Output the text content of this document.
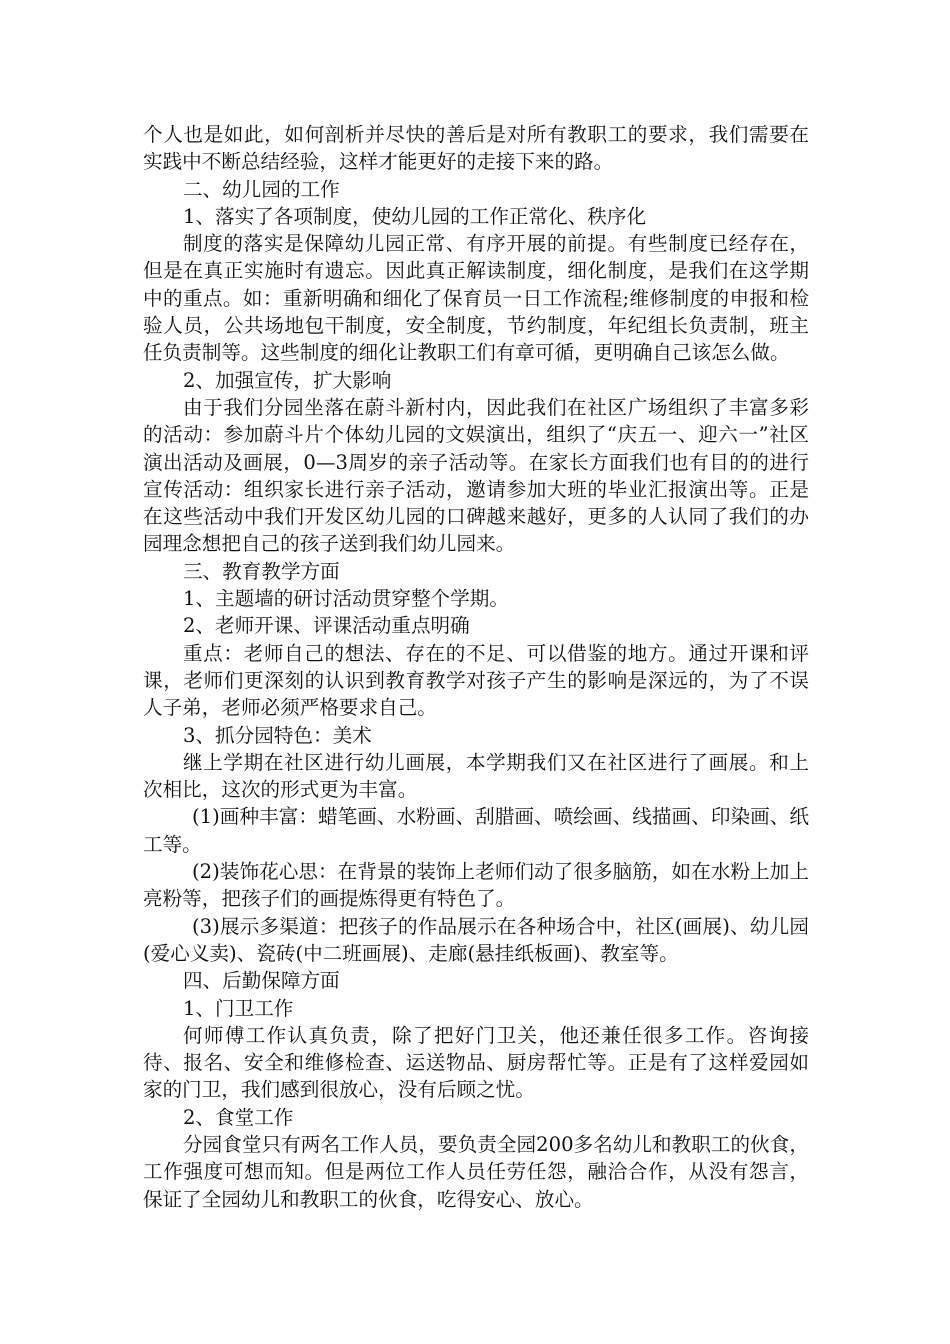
个人也是如此，如何剖析并尽快的善后是对所有教职工的要求，我们需要在实践中不断总结经验，这样才能更好的走接下来的路。

二、幼儿园的工作

1、落实了各项制度，使幼儿园的工作正常化、秩序化

制度的落实是保障幼儿园正常、有序开展的前提。有些制度已经存在，但是在真正实施时有遗忘。因此真正解读制度，细化制度，是我们在这学期中的重点。如：重新明确和细化了保育员一日工作流程;维修制度的申报和检验人员，公共场地包干制度，安全制度，节约制度，年纪组长负责制，班主任负责制等。这些制度的细化让教职工们有章可循，更明确自己该怎么做。

2、加强宣传，扩大影响

由于我们分园坐落在蔚斗新村内，因此我们在社区广场组织了丰富多彩的活动：参加蔚斗片个体幼儿园的文娱演出，组织了“庆五一、迎六一”社区演出活动及画展，0—3周岁的亲子活动等。在家长方面我们也有目的的进行宣传活动：组织家长进行亲子活动，邀请参加大班的毕业汇报演出等。正是在这些活动中我们开发区幼儿园的口碑越来越好，更多的人认同了我们的办园理念想把自己的孩子送到我们幼儿园来。

三、教育教学方面

1、主题墙的研讨活动贯穿整个学期。

2、老师开课、评课活动重点明确

重点：老师自己的想法、存在的不足、可以借鉴的地方。通过开课和评课，老师们更深刻的认识到教育教学对孩子产生的影响是深远的，为了不误人子弟，老师必须严格要求自己。

3、抓分园特色：美术

继上学期在社区进行幼儿画展，本学期我们又在社区进行了画展。和上次相比，这次的形式更为丰富。

(1)画种丰富：蜡笔画、水粉画、刮腊画、喷绘画、线描画、印染画、纸工等。

(2)装饰花心思：在背景的装饰上老师们动了很多脑筋，如在水粉上加上亮粉等，把孩子们的画提炼得更有特色了。

(3)展示多渠道：把孩子的作品展示在各种场合中，社区(画展)、幼儿园(爱心义卖)、瓷砖(中二班画展)、走廊(悬挂纸板画)、教室等。

四、后勤保障方面

1、门卫工作

何师傅工作认真负责，除了把好门卫关，他还兼任很多工作。咨询接待、报名、安全和维修检查、运送物品、厨房帮忙等。正是有了这样爱园如家的门卫，我们感到很放心，没有后顾之忧。

2、食堂工作

分园食堂只有两名工作人员，要负责全园200多名幼儿和教职工的伙食，工作强度可想而知。但是两位工作人员任劳任怨，融洽合作，从没有怨言，保证了全园幼儿和教职工的伙食，吃得安心、放心。
